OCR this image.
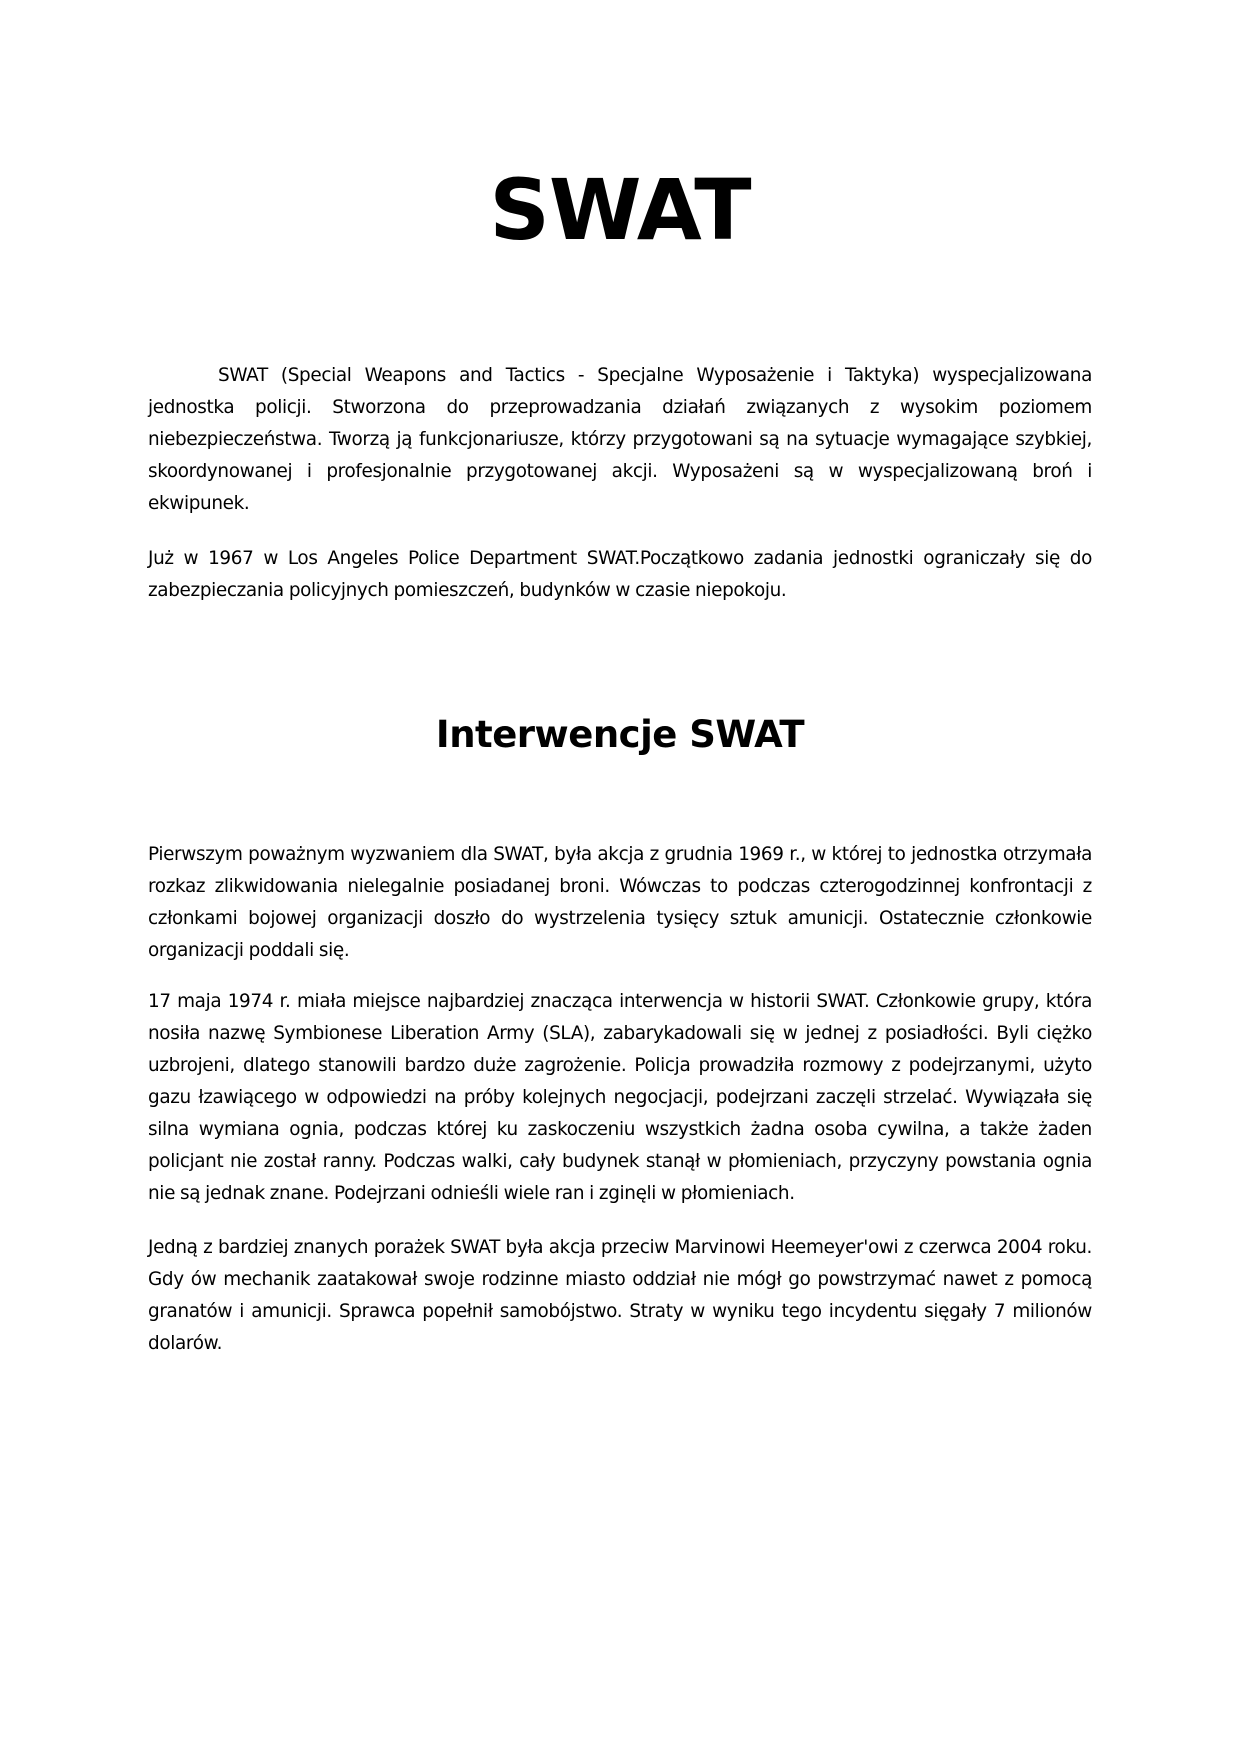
SWAT

SWAT (Special Weapons and Tactics - Specjalne Wyposażenie i Taktyka) wyspecjalizowana jednostka policji. Stworzona do przeprowadzania działań związanych z wysokim poziomem niebezpieczeństwa. Tworzą ją funkcjonariusze, którzy przygotowani są na sytuacje wymagające szybkiej, skoordynowanej i profesjonalnie przygotowanej akcji. Wyposażeni są w wyspecjalizowaną broń i ekwipunek.

Już w 1967 w Los Angeles Police Department SWAT.Początkowo zadania jednostki ograniczały się do zabezpieczania policyjnych pomieszczeń, budynków w czasie niepokoju.

Interwencje SWAT

Pierwszym poważnym wyzwaniem dla SWAT, była akcja z grudnia 1969 r., w której to jednostka otrzymała rozkaz zlikwidowania nielegalnie posiadanej broni. Wówczas to podczas czterogodzinnej konfrontacji z członkami bojowej organizacji doszło do wystrzelenia tysięcy sztuk amunicji. Ostatecznie członkowie organizacji poddali się.

17 maja 1974 r. miała miejsce najbardziej znacząca interwencja w historii SWAT. Członkowie grupy, która nosiła nazwę Symbionese Liberation Army (SLA), zabarykadowali się w jednej z posiadłości. Byli ciężko uzbrojeni, dlatego stanowili bardzo duże zagrożenie. Policja prowadziła rozmowy z podejrzanymi, użyto gazu łzawiącego w odpowiedzi na próby kolejnych negocjacji, podejrzani zaczęli strzelać. Wywiązała się silna wymiana ognia, podczas której ku zaskoczeniu wszystkich żadna osoba cywilna, a także żaden policjant nie został ranny. Podczas walki, cały budynek stanął w płomieniach, przyczyny powstania ognia nie są jednak znane. Podejrzani odnieśli wiele ran i zginęli w płomieniach.

Jedną z bardziej znanych porażek SWAT była akcja przeciw Marvinowi Heemeyer'owi z czerwca 2004 roku. Gdy ów mechanik zaatakował swoje rodzinne miasto oddział nie mógł go powstrzymać nawet z pomocą granatów i amunicji. Sprawca popełnił samobójstwo. Straty w wyniku tego incydentu sięgały 7 milionów dolarów.
